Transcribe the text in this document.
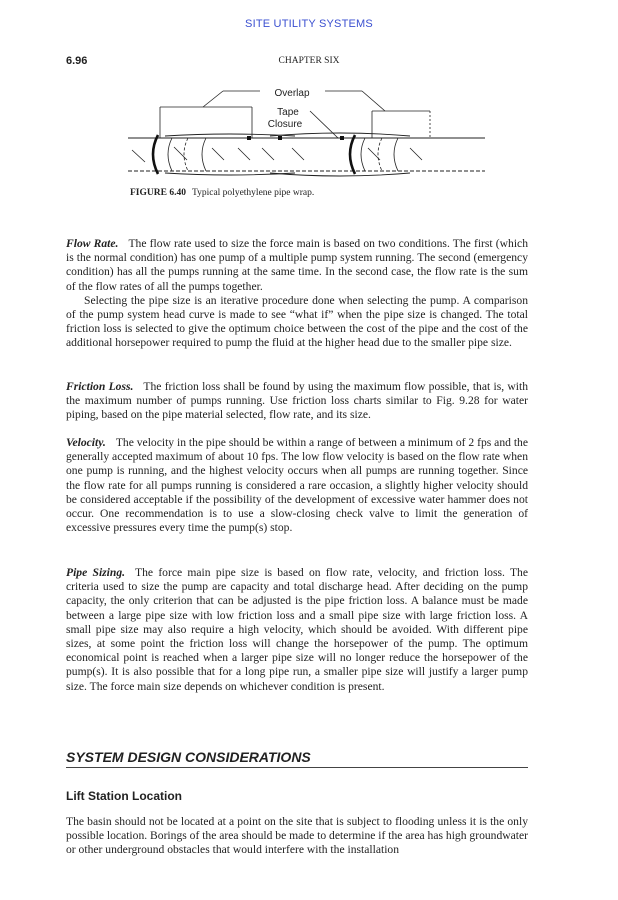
SITE UTILITY SYSTEMS
6.96	CHAPTER SIX
Overlap
Tape
Closure
FIGURE 6.40 Typical polyethylene pipe wrap.

Flow Rate. The flow rate used to size the force main is based on two conditions. The first (which is the normal condition) has one pump of a multiple pump system running. The second (emergency condition) has all the pumps running at the same time. In the second case, the flow rate is the sum of the flow rates of all the pumps together.

Selecting the pipe size is an iterative procedure done when selecting the pump. A comparison of the pump system head curve is made to see “what if” when the pipe size is changed. The total friction loss is selected to give the optimum choice between the cost of the pipe and the cost of the additional horsepower required to pump the fluid at the higher head due to the smaller pipe size.

Friction Loss. The friction loss shall be found by using the maximum flow possible, that is, with the maximum number of pumps running. Use friction loss charts similar to Fig. 9.28 for water piping, based on the pipe material selected, flow rate, and its size.

Velocity. The velocity in the pipe should be within a range of between a minimum of 2 fps and the generally accepted maximum of about 10 fps. The low flow velocity is based on the flow rate when one pump is running, and the highest velocity occurs when all pumps are running together. Since the flow rate for all pumps running is considered a rare occasion, a slightly higher velocity should be considered acceptable if the possibility of the development of excessive water hammer does not occur. One recommendation is to use a slow-closing check valve to limit the generation of excessive pressures every time the pump(s) stop.

Pipe Sizing. The force main pipe size is based on flow rate, velocity, and friction loss. The criteria used to size the pump are capacity and total discharge head. After deciding on the pump capacity, the only criterion that can be adjusted is the pipe friction loss. A balance must be made between a large pipe size with low friction loss and a small pipe size with large friction loss. A small pipe size may also require a high velocity, which should be avoided. With different pipe sizes, at some point the friction loss will change the horsepower of the pump. The optimum economical point is reached when a larger pipe size will no longer reduce the horsepower of the pump(s). It is also possible that for a long pipe run, a smaller pipe size will justify a larger pump size. The force main size depends on whichever condition is present.

SYSTEM DESIGN CONSIDERATIONS
Lift Station Location

The basin should not be located at a point on the site that is subject to flooding unless it is the only possible location. Borings of the area should be made to determine if the area has high groundwater or other underground obstacles that would interfere with the installation
